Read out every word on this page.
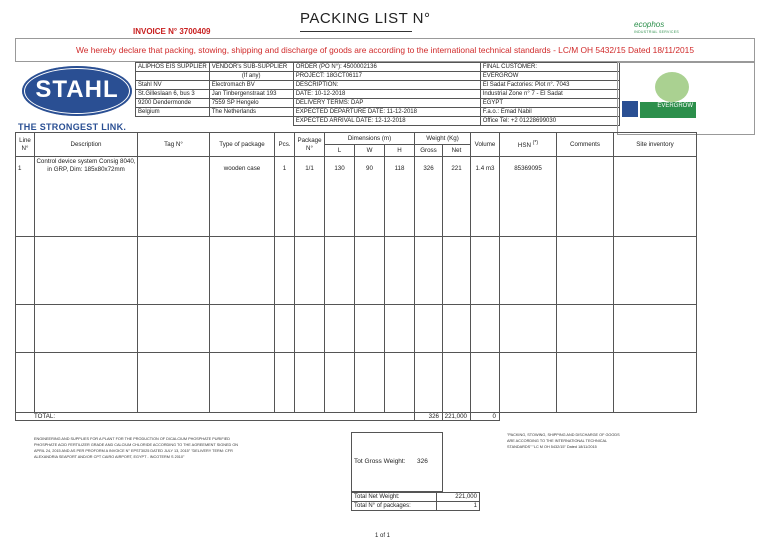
INVOICE N° 3700409
PACKING LIST N°	ecophos
INDUSTRIAL SERVICES
We hereby declare that packing, stowing, shipping and discharge of goods are according to the international technical standards - LC/M OH 5432/15 Dated 18/11/2015
STAHL
THE STRONGEST LINK.
ALIPHOS EIS SUPPLIER	VENDOR's SUB-SUPPLIER	ORDER (PO N°): 4500002136	FINAL CUSTOMER:
	(If any)	PROJECT: 18GCT06117	EVERGROW
Stahl NV	Electromach BV	DESCRIPTION:	El Sadat Factories: Plot n°. 7043
St.Gilleslaan 6, bus 3	Jan Tinbergenstraat 193	DATE: 10-12-2018	Industrial Zone n° 7 - El Sadat
9200 Dendermonde	7559 SP Hengelo	DELIVERY TERMS: DAP	EGYPT
Belgium	The Netherlands	EXPECTED DEPARTURE DATE: 11-12-2018	F.a.o.: Emad Nabil
		EXPECTED ARRIVAL DATE: 12-12-2018	Office Tel: +2 01228699030
EVERGROW
Line N°	Description	Tag N°	Type of package	Pcs.	Package N°	Dimensions (m)			Weight (Kg)		Volume	HSN (*)	Comments	Site inventory
						L	W	H	Gross	Net				
1	Control device system Consig 8040, in GRP, Dim: 185x80x72mm		wooden case	1	1/1	130	90	118	326	221	1.4 m3	85369095		

TOTAL:									326	221,000	0			
ENGINEERING AND SUPPLIES FOR A PLANT FOR THE PRODUCTION OF DICALCIUM PHOSPHATE PURIFIED PHOSPHATE ACID FERTILIZER GRADE AND CALCIUM CHLORIDE ACCORDING TO THE AGREEMENT SIGNED ON APRIL 24, 2015 AND AS PER PROFORM A INVOICE N° EPST3025 DATED JULY 13, 2015" "DELIVERY TERM: CFR ALEXANDRIA SEAPORT AND/OR CPT CAIRO AIRPORT, EGYPT - INCOTERM S 2010"
"PACKING, STOWING, SHIPPING AND DISCHARGE OF GOODS ARE ACCORDING TO THE INTERNATIONAL TECHNICAL STANDARDS" "LC M OH 5432/15" Dated 18/11/2015
Tot Gross Weight: 326
Total Net Weight:	221,000
Total N° of packages:	1
1 of 1
